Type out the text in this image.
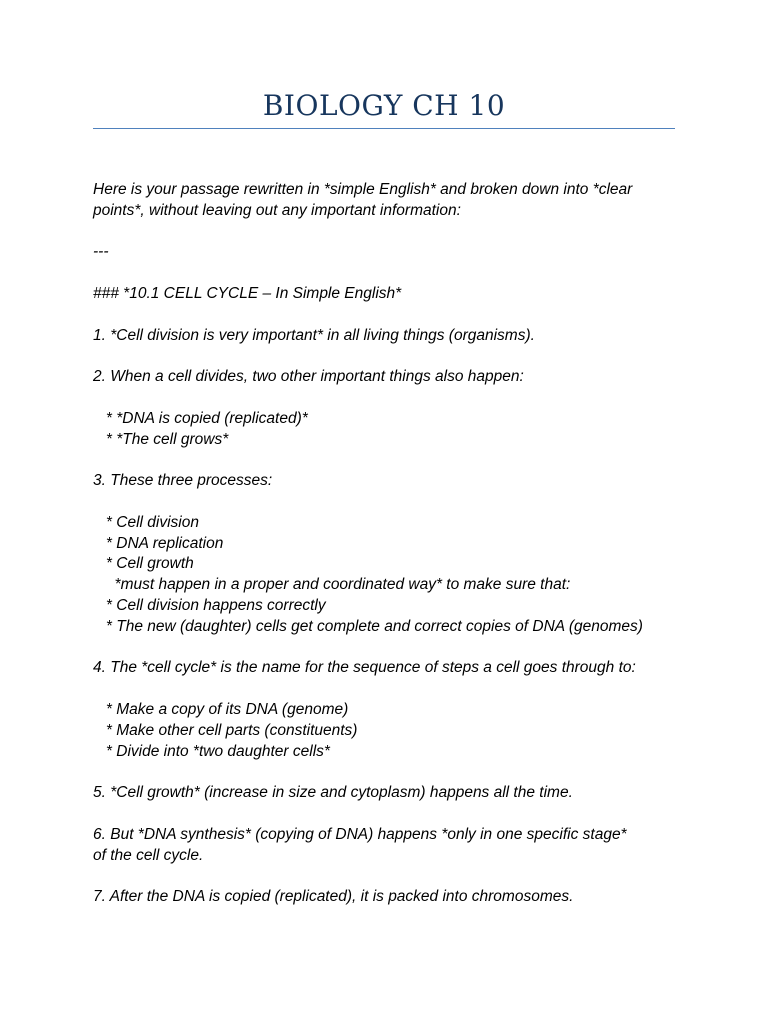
BIOLOGY CH 10
Here is your passage rewritten in *simple English* and broken down into *clear
points*, without leaving out any important information:
---
### *10.1 CELL CYCLE – In Simple English*
1. *Cell division is very important* in all living things (organisms).
2. When a cell divides, two other important things also happen:
* *DNA is copied (replicated)*
* *The cell grows*
3. These three processes:
* Cell division
* DNA replication
* Cell growth
*must happen in a proper and coordinated way* to make sure that:
* Cell division happens correctly
* The new (daughter) cells get complete and correct copies of DNA (genomes)
4. The *cell cycle* is the name for the sequence of steps a cell goes through to:
* Make a copy of its DNA (genome)
* Make other cell parts (constituents)
* Divide into *two daughter cells*
5. *Cell growth* (increase in size and cytoplasm) happens all the time.
6. But *DNA synthesis* (copying of DNA) happens *only in one specific stage*
of the cell cycle.
7. After the DNA is copied (replicated), it is packed into chromosomes.
